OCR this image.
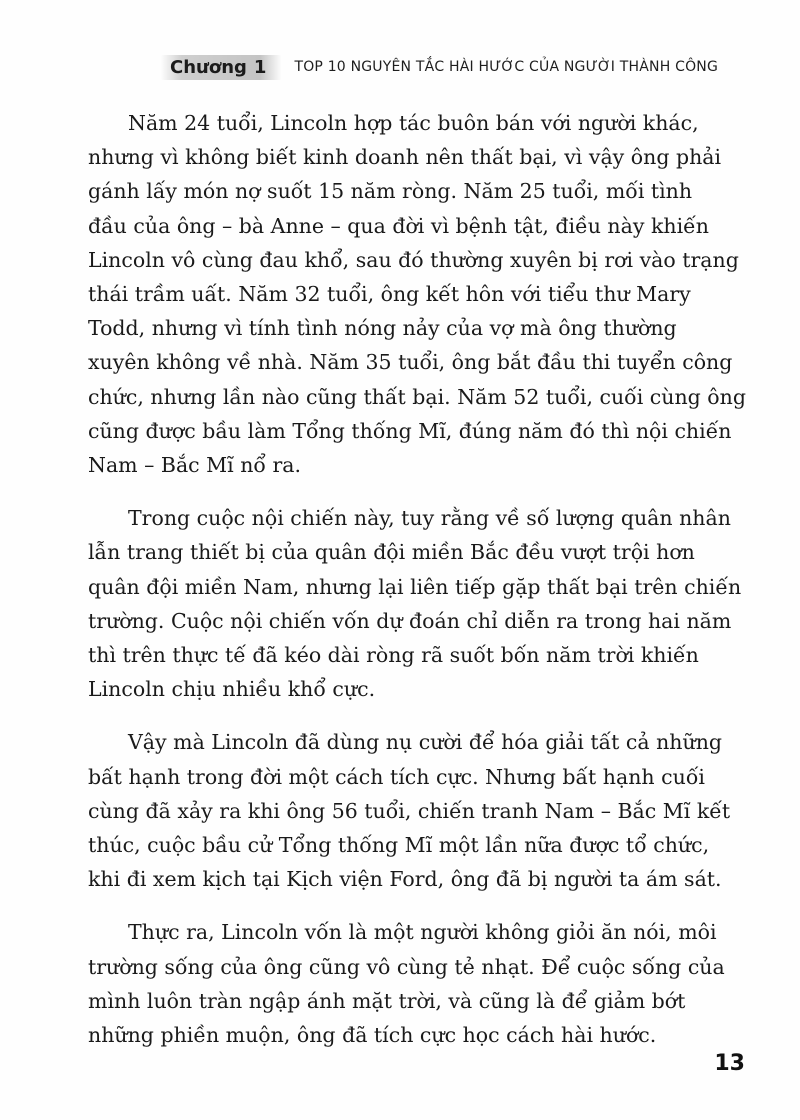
Chương 1 TOP 10 NGUYÊN TẮC HÀI HƯỚC CỦA NGƯỜI THÀNH CÔNG
Năm 24 tuổi, Lincoln hợp tác buôn bán với người khác,
nhưng vì không biết kinh doanh nên thất bại, vì vậy ông phải
gánh lấy món nợ suốt 15 năm ròng. Năm 25 tuổi, mối tình
đầu của ông – bà Anne – qua đời vì bệnh tật, điều này khiến
Lincoln vô cùng đau khổ, sau đó thường xuyên bị rơi vào trạng
thái trầm uất. Năm 32 tuổi, ông kết hôn với tiểu thư Mary
Todd, nhưng vì tính tình nóng nảy của vợ mà ông thường
xuyên không về nhà. Năm 35 tuổi, ông bắt đầu thi tuyển công
chức, nhưng lần nào cũng thất bại. Năm 52 tuổi, cuối cùng ông
cũng được bầu làm Tổng thống Mĩ, đúng năm đó thì nội chiến
Nam – Bắc Mĩ nổ ra.
Trong cuộc nội chiến này, tuy rằng về số lượng quân nhân
lẫn trang thiết bị của quân đội miền Bắc đều vượt trội hơn
quân đội miền Nam, nhưng lại liên tiếp gặp thất bại trên chiến
trường. Cuộc nội chiến vốn dự đoán chỉ diễn ra trong hai năm
thì trên thực tế đã kéo dài ròng rã suốt bốn năm trời khiến
Lincoln chịu nhiều khổ cực.
Vậy mà Lincoln đã dùng nụ cười để hóa giải tất cả những
bất hạnh trong đời một cách tích cực. Nhưng bất hạnh cuối
cùng đã xảy ra khi ông 56 tuổi, chiến tranh Nam – Bắc Mĩ kết
thúc, cuộc bầu cử Tổng thống Mĩ một lần nữa được tổ chức,
khi đi xem kịch tại Kịch viện Ford, ông đã bị người ta ám sát.
Thực ra, Lincoln vốn là một người không giỏi ăn nói, môi
trường sống của ông cũng vô cùng tẻ nhạt. Để cuộc sống của
mình luôn tràn ngập ánh mặt trời, và cũng là để giảm bớt
những phiền muộn, ông đã tích cực học cách hài hước.
13
